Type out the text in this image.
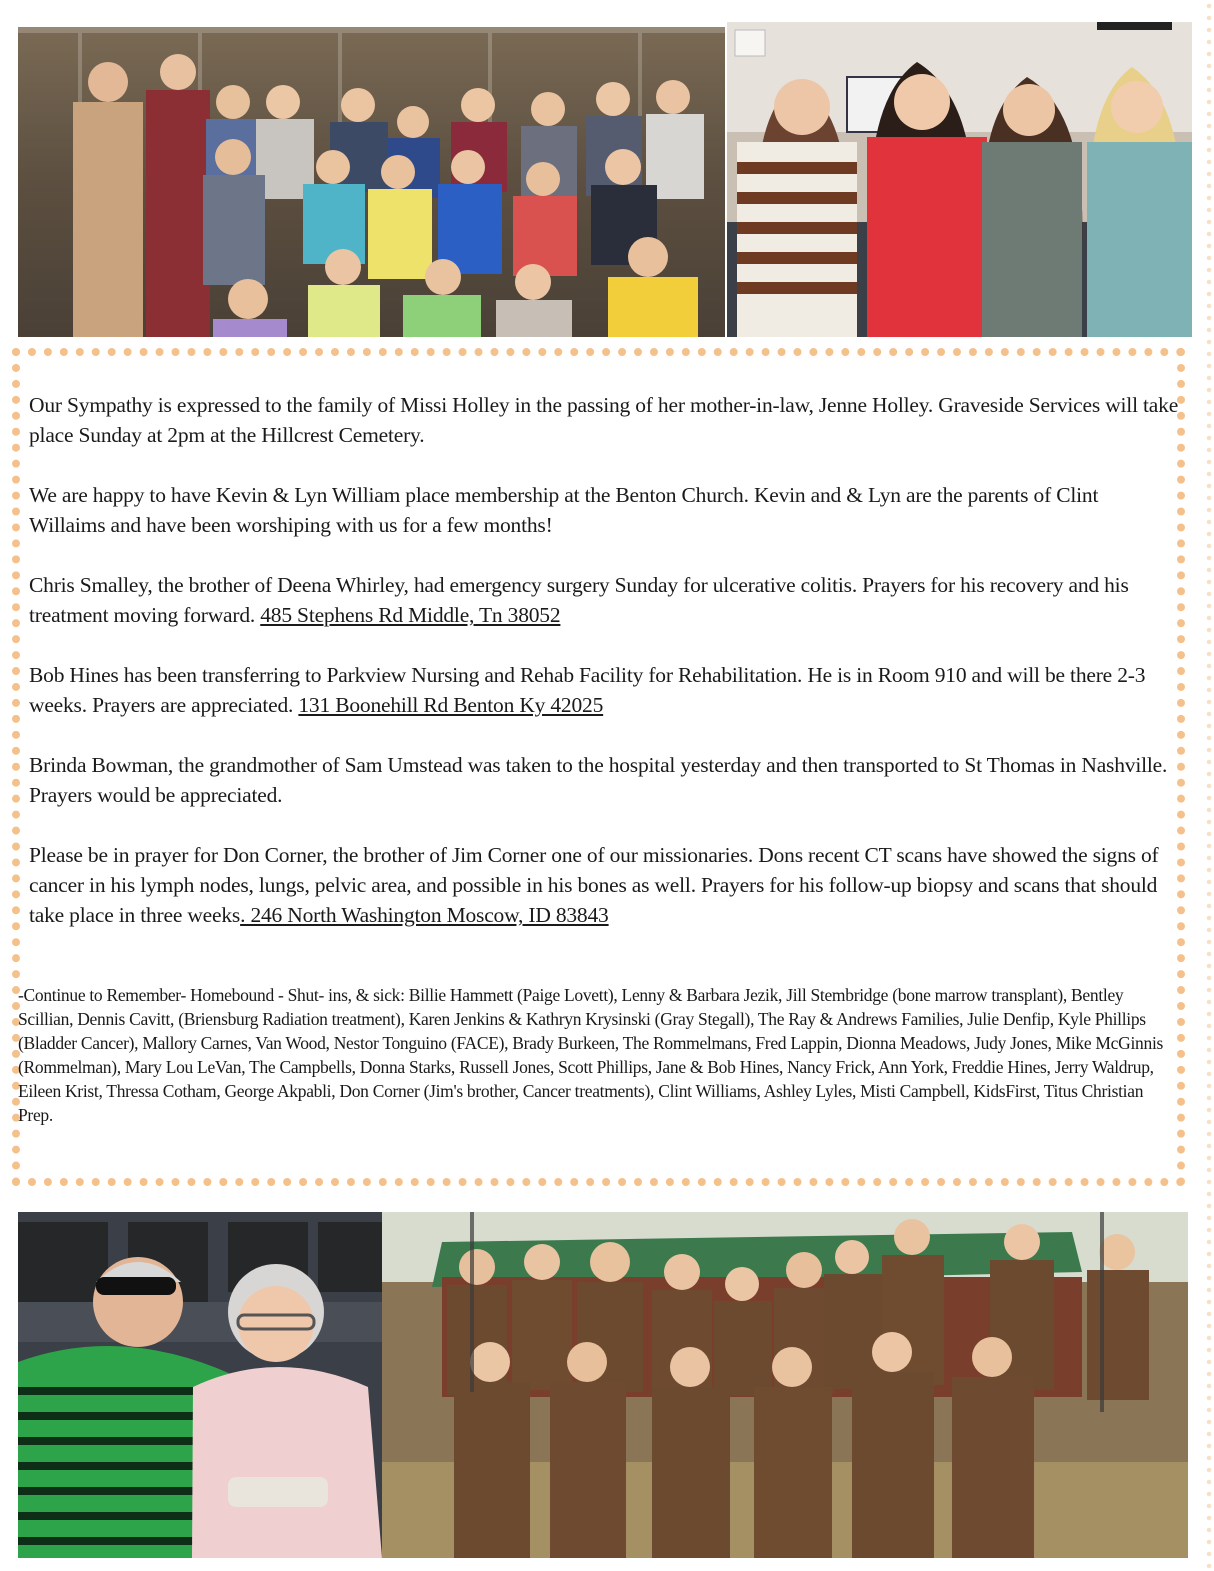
Our Sympathy is expressed to the family of Missi Holley in the passing of her mother-in-law, Jenne Holley. Graveside Services will take place Sunday at 2pm at the Hillcrest Cemetery.

We are happy to have Kevin & Lyn William place membership at the Benton Church. Kevin and & Lyn are the parents of Clint Willaims and have been worshiping with us for a few months!

Chris Smalley, the brother of Deena Whirley, had emergency surgery Sunday for ulcerative colitis. Prayers for his recovery and his treatment moving forward. 485 Stephens Rd Middle, Tn 38052

Bob Hines has been transferring to Parkview Nursing and Rehab Facility for Rehabilitation. He is in Room 910 and will be there 2-3 weeks. Prayers are appreciated. 131 Boonehill Rd Benton Ky 42025

Brinda Bowman, the grandmother of Sam Umstead was taken to the hospital yesterday and then transported to St Thomas in Nashville. Prayers would be appreciated.

Please be in prayer for Don Corner, the brother of Jim Corner one of our missionaries. Dons recent CT scans have showed the signs of cancer in his lymph nodes, lungs, pelvic area, and possible in his bones as well. Prayers for his follow-up biopsy and scans that should take place in three weeks. 246 North Washington Moscow, ID 83843

-Continue to Remember- Homebound - Shut- ins, & sick: Billie Hammett (Paige Lovett), Lenny & Barbara Jezik, Jill Stembridge (bone marrow transplant), Bentley Scillian, Dennis Cavitt, (Briensburg Radiation treatment), Karen Jenkins & Kathryn Krysinski (Gray Stegall), The Ray & Andrews Families, Julie Denfip, Kyle Phillips (Bladder Cancer), Mallory Carnes, Van Wood, Nestor Tonguino (FACE), Brady Burkeen, The Rommelmans, Fred Lappin, Dionna Meadows, Judy Jones, Mike McGinnis (Rommelman), Mary Lou LeVan, The Campbells, Donna Starks, Russell Jones, Scott Phillips, Jane & Bob Hines, Nancy Frick, Ann York, Freddie Hines, Jerry Waldrup, Eileen Krist, Thressa Cotham, George Akpabli, Don Corner (Jim's brother, Cancer treatments), Clint Williams, Ashley Lyles, Misti Campbell, KidsFirst, Titus Christian Prep.
